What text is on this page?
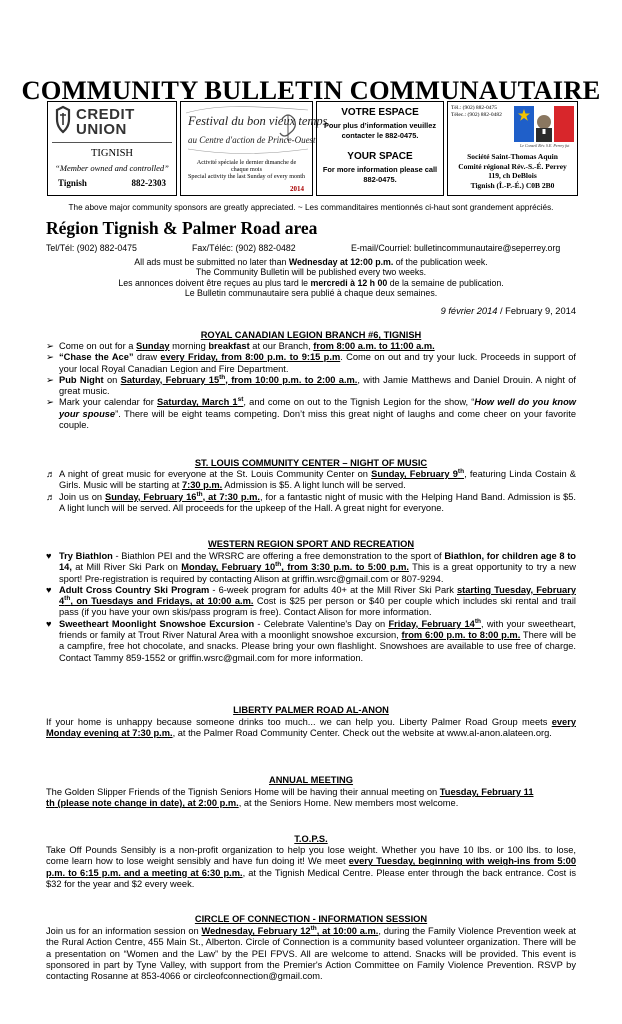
COMMUNITY BULLETIN COMMUNAUTAIRE
CREDIT
UNION
TIGNISH
“Member owned and controlled”
Tignish	882-2303
Festival du bon vieux temps
au Centre d'action de Prince-Ouest
Activité spéciale le dernier dimanche de
chaque mois
Special activity the last Sunday of every month
2014
VOTRE ESPACE
Pour plus d’information veuillez contacter le 882-0475.
YOUR SPACE
For more information please call 882-0475.
Tél.: (902) 882-0475
Télec.: (902) 882-0482
Le Conseil Rév. S.E. Perrey fut
Société Saint-Thomas Aquin
Comité régional Rév.-S.-É. Perrey
119, ch DeBlois
Tignish (Î.-P.-É.) C0B 2B0
The above major community sponsors are greatly appreciated. ~ Les commanditaires mentionnés ci-haut sont grandement appréciés.
Région Tignish & Palmer Road area
Tel/Tél: (902) 882-0475	Fax/Téléc: (902) 882-0482	E-mail/Courriel: bulletincommunautaire@seperrey.org
All ads must be submitted no later than Wednesday at 12:00 p.m. of the publication week.
The Community Bulletin will be published every two weeks.
Les annonces doivent être reçues au plus tard le mercredi à 12 h 00 de la semaine de publication.
Le Bulletin communautaire sera publié à chaque deux semaines.
9 février 2014 / February 9, 2014
ROYAL CANADIAN LEGION BRANCH #6, TIGNISH
➢ Come on out for a Sunday morning breakfast at our Branch, from 8:00 a.m. to 11:00 a.m.
➢ “Chase the Ace” draw every Friday, from 8:00 p.m. to 9:15 p.m. Come on out and try your luck. Proceeds in support of your local Royal Canadian Legion and Fire Department.
➢ Pub Night on Saturday, February 15th, from 10:00 p.m. to 2:00 a.m., with Jamie Matthews and Daniel Drouin. A night of great music.
➢ Mark your calendar for Saturday, March 1st, and come on out to the Tignish Legion for the show, “How well do you know your spouse”. There will be eight teams competing. Don’t miss this great night of laughs and come cheer on your favorite couple.
ST. LOUIS COMMUNITY CENTER – NIGHT OF MUSIC
♬ A night of great music for everyone at the St. Louis Community Center on Sunday, February 9th, featuring Linda Costain & Girls. Music will be starting at 7:30 p.m. Admission is $5. A light lunch will be served.
♬ Join us on Sunday, February 16th, at 7:30 p.m., for a fantastic night of music with the Helping Hand Band. Admission is $5. A light lunch will be served. All proceeds for the upkeep of the Hall. A great night for everyone.
WESTERN REGION SPORT AND RECREATION
♥ Try Biathlon - Biathlon PEI and the WRSRC are offering a free demonstration to the sport of Biathlon, for children age 8 to 14, at Mill River Ski Park on Monday, February 10th, from 3:30 p.m. to 5:00 p.m. This is a great opportunity to try a new sport! Pre-registration is required by contacting Alison at griffin.wsrc@gmail.com or 807-9294.
♥ Adult Cross Country Ski Program - 6-week program for adults 40+ at the Mill River Ski Park starting Tuesday, February 4th, on Tuesdays and Fridays, at 10:00 a.m. Cost is $25 per person or $40 per couple which includes ski rental and trail pass (if you have your own skis/pass program is free). Contact Alison for more information.
♥ Sweetheart Moonlight Snowshoe Excursion - Celebrate Valentine's Day on Friday, February 14th, with your sweetheart, friends or family at Trout River Natural Area with a moonlight snowshoe excursion, from 6:00 p.m. to 8:00 p.m. There will be a campfire, free hot chocolate, and snacks. Please bring your own flashlight. Snowshoes are available to use free of charge. Contact Tammy 859-1552 or griffin.wsrc@gmail.com for more information.
LIBERTY PALMER ROAD AL-ANON
If your home is unhappy because someone drinks too much... we can help you. Liberty Palmer Road Group meets every Monday evening at 7:30 p.m., at the Palmer Road Community Center. Check out the website at www.al-anon.alateen.org.
ANNUAL MEETING
The Golden Slipper Friends of the Tignish Seniors Home will be having their annual meeting on Tuesday, February 11
th (please note change in date), at 2:00 p.m., at the Seniors Home. New members most welcome.
T.O.P.S.
Take Off Pounds Sensibly is a non-profit organization to help you lose weight. Whether you have 10 lbs. or 100 lbs. to lose, come learn how to lose weight sensibly and have fun doing it! We meet every Tuesday, beginning with weigh-ins from 5:00 p.m. to 6:15 p.m. and a meeting at 6:30 p.m., at the Tignish Medical Centre. Please enter through the back entrance. Cost is $32 for the year and $2 every week.
CIRCLE OF CONNECTION - INFORMATION SESSION
Join us for an information session on Wednesday, February 12th, at 10:00 a.m., during the Family Violence Prevention week at the Rural Action Centre, 455 Main St., Alberton. Circle of Connection is a community based volunteer organization. There will be a presentation on “Women and the Law” by the PEI FPVS. All are welcome to attend. Snacks will be provided. This event is sponsored in part by Tyne Valley, with support from the Premier's Action Committee on Family Violence Prevention. RSVP by contacting Rosanne at 853-4066 or circleofconnection@gmail.com.
